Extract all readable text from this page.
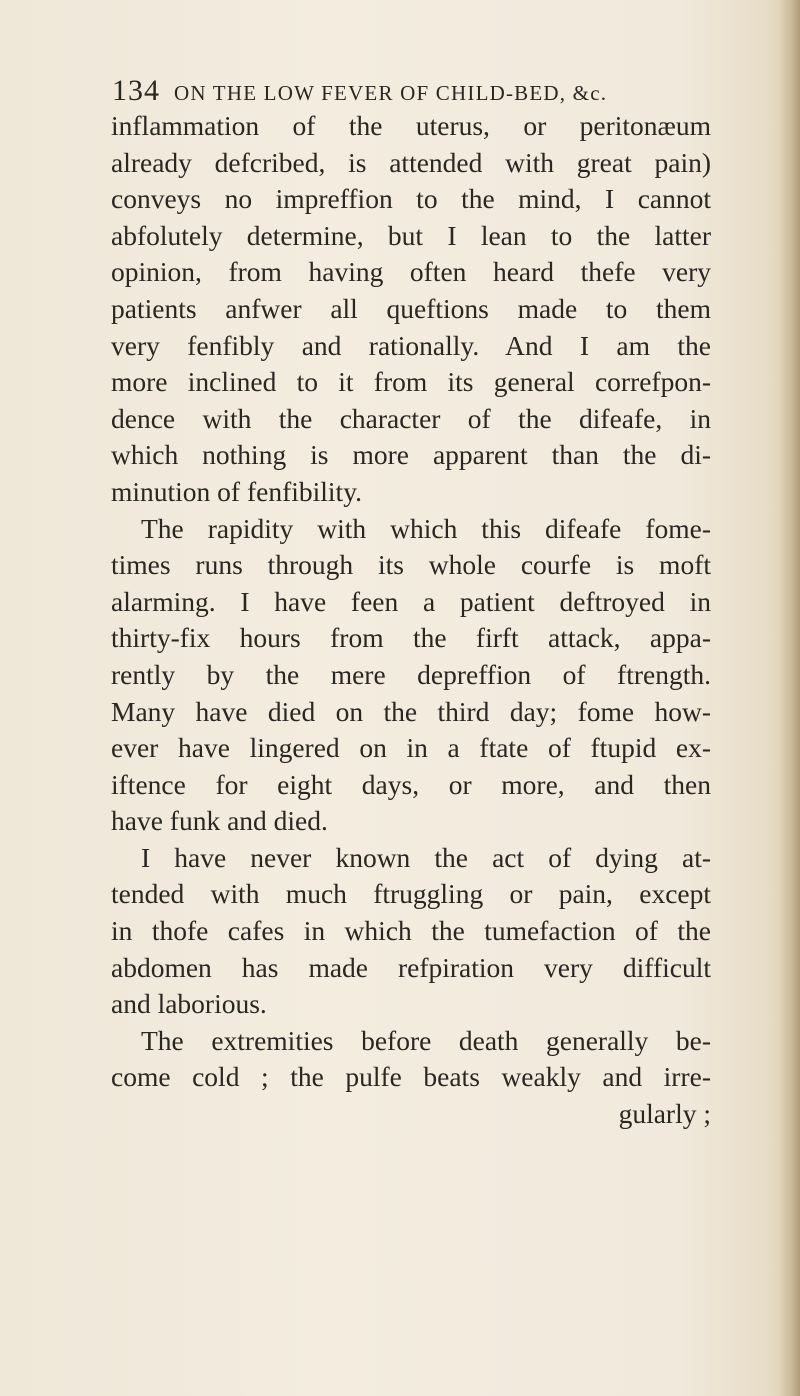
134 ON THE LOW FEVER OF CHILD-BED, &c.
inflammation of the uterus, or peritonæum
already defcribed, is attended with great pain)
conveys no impreffion to the mind, I cannot
abfolutely determine, but I lean to the latter
opinion, from having often heard thefe very
patients anfwer all queftions made to them
very fenfibly and rationally. And I am the
more inclined to it from its general correfpon-
dence with the character of the difeafe, in
which nothing is more apparent than the di-
minution of fenfibility.
The rapidity with which this difeafe fome-
times runs through its whole courfe is moft
alarming. I have feen a patient deftroyed in
thirty-fix hours from the firft attack, appa-
rently by the mere depreffion of ftrength.
Many have died on the third day; fome how-
ever have lingered on in a ftate of ftupid ex-
iftence for eight days, or more, and then
have funk and died.
I have never known the act of dying at-
tended with much ftruggling or pain, except
in thofe cafes in which the tumefaction of the
abdomen has made refpiration very difficult
and laborious.
The extremities before death generally be-
come cold ; the pulfe beats weakly and irre-
gularly ;
